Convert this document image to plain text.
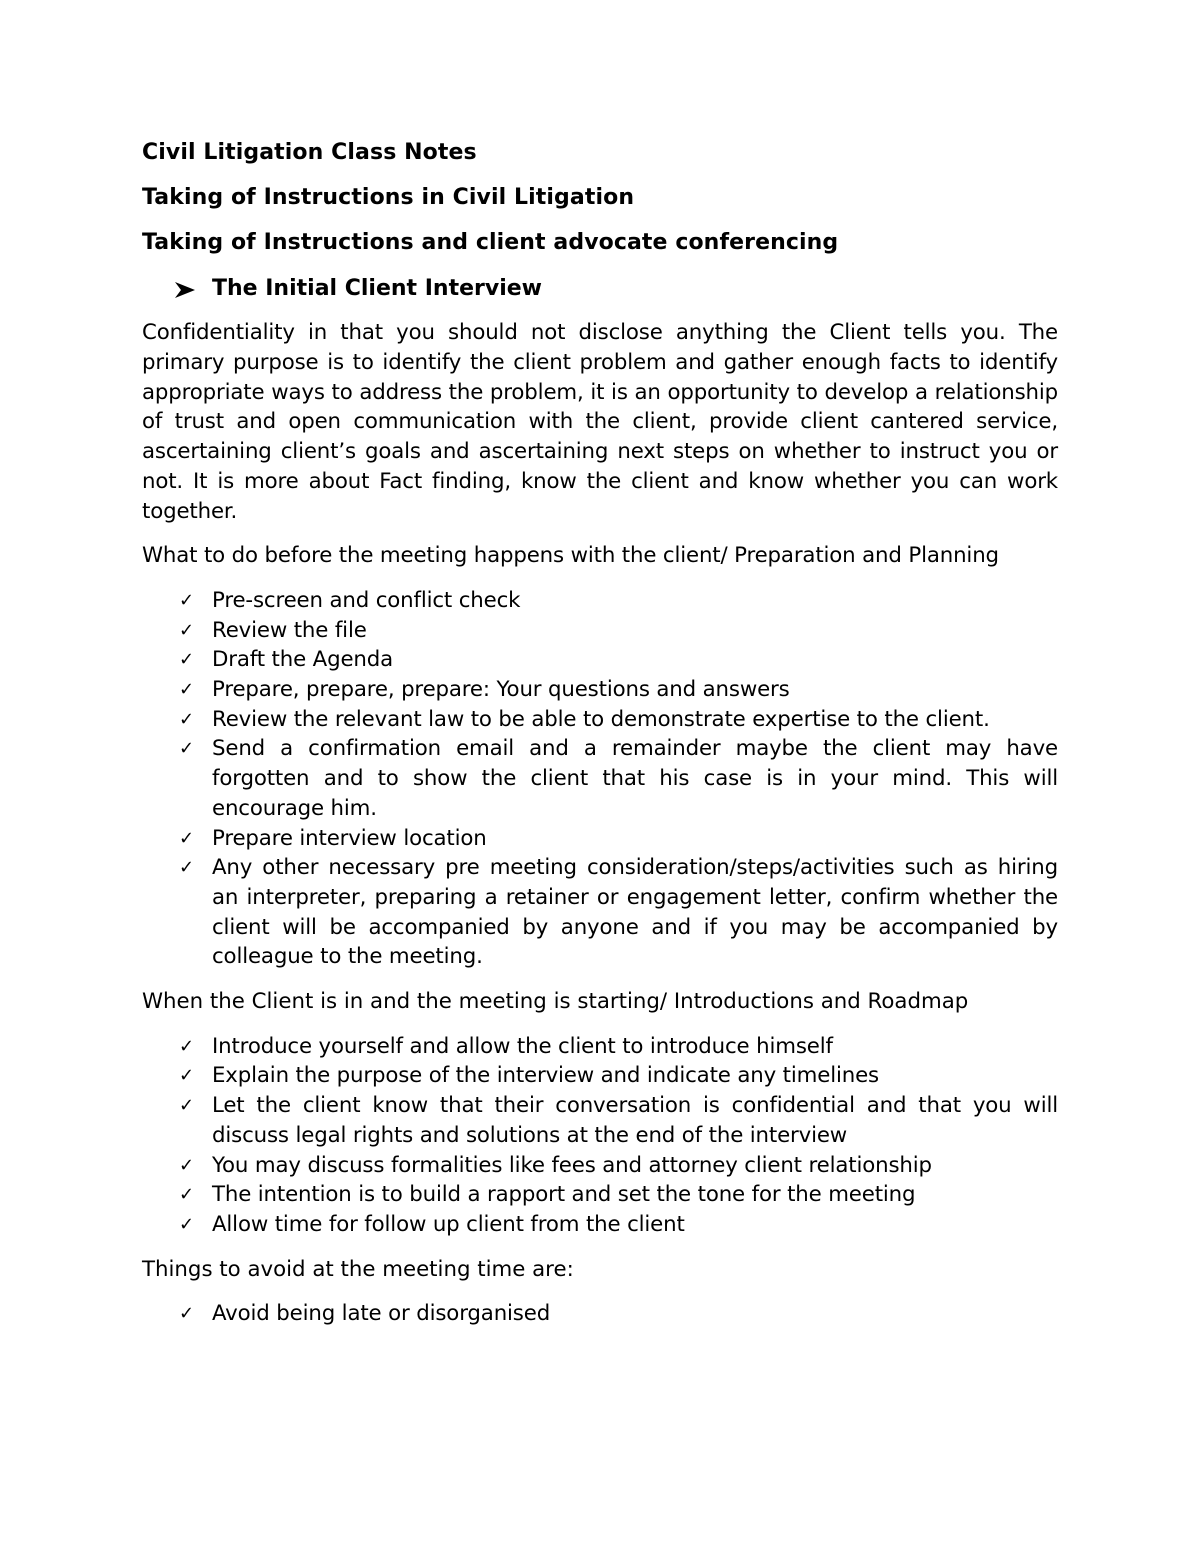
Civil Litigation Class Notes
Taking of Instructions in Civil Litigation
Taking of Instructions and client advocate conferencing
The Initial Client Interview

Confidentiality in that you should not disclose anything the Client tells you. The primary purpose is to identify the client problem and gather enough facts to identify appropriate ways to address the problem, it is an opportunity to develop a relationship of trust and open communication with the client, provide client cantered service, ascertaining client’s goals and ascertaining next steps on whether to instruct you or not. It is more about Fact finding, know the client and know whether you can work together.

What to do before the meeting happens with the client/ Preparation and Planning

✓ Pre-screen and conflict check
✓ Review the file
✓ Draft the Agenda
✓ Prepare, prepare, prepare: Your questions and answers
✓ Review the relevant law to be able to demonstrate expertise to the client.
✓ Send a confirmation email and a remainder maybe the client may have forgotten and to show the client that his case is in your mind. This will encourage him.
✓ Prepare interview location
✓ Any other necessary pre meeting consideration/steps/activities such as hiring an interpreter, preparing a retainer or engagement letter, confirm whether the client will be accompanied by anyone and if you may be accompanied by colleague to the meeting.

When the Client is in and the meeting is starting/ Introductions and Roadmap

✓ Introduce yourself and allow the client to introduce himself
✓ Explain the purpose of the interview and indicate any timelines
✓ Let the client know that their conversation is confidential and that you will discuss legal rights and solutions at the end of the interview
✓ You may discuss formalities like fees and attorney client relationship
✓ The intention is to build a rapport and set the tone for the meeting
✓ Allow time for follow up client from the client

Things to avoid at the meeting time are:

✓ Avoid being late or disorganised
